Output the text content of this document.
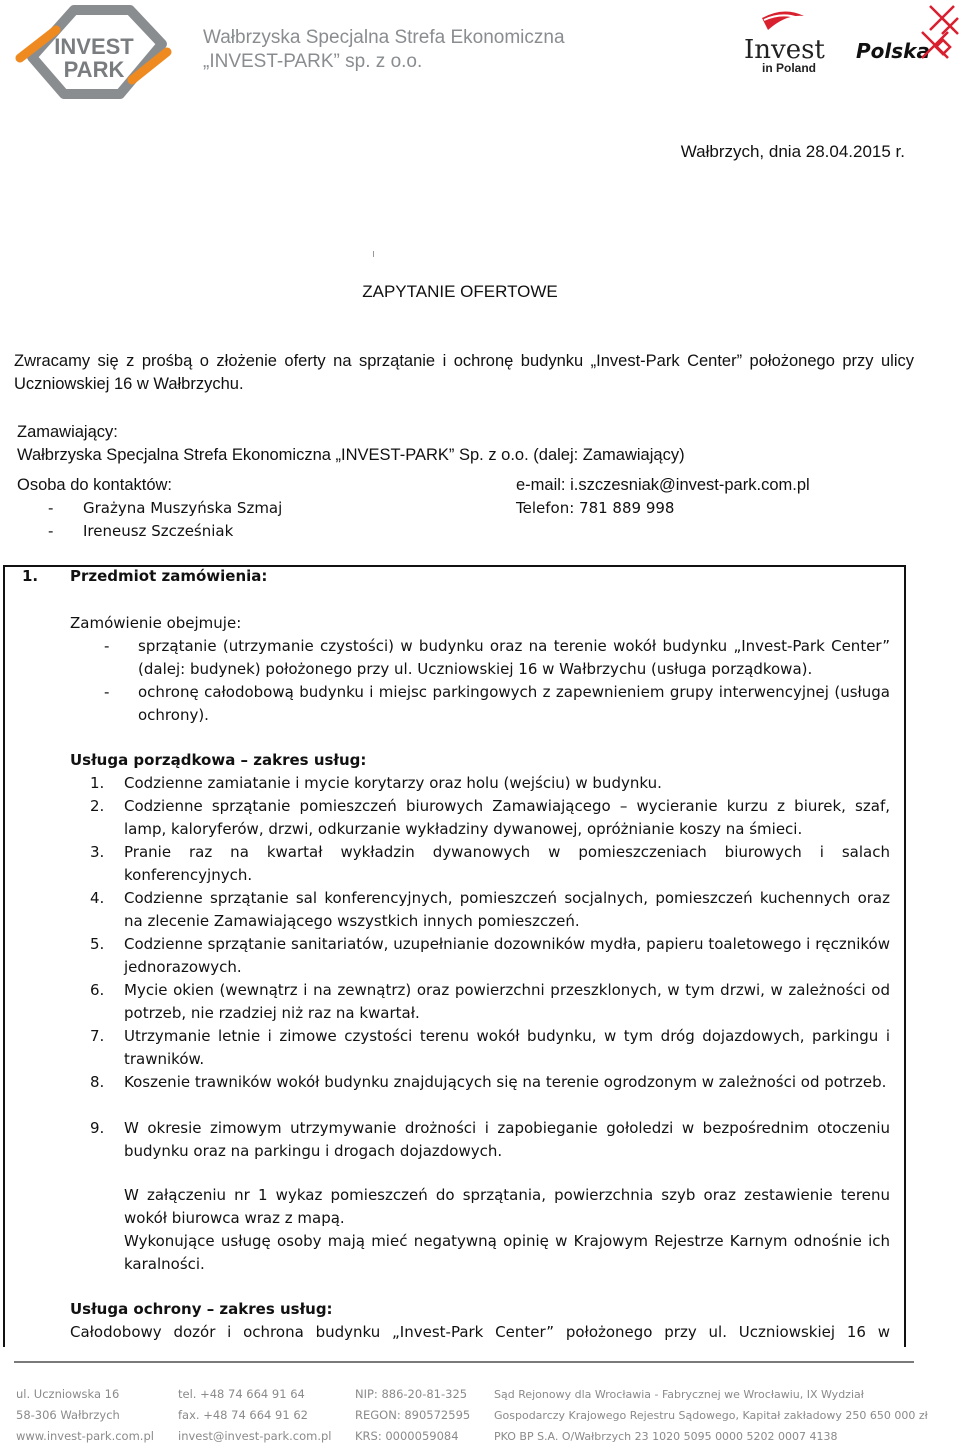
INVEST
PARK
Wałbrzyska Specjalna Strefa Ekonomiczna
„INVEST-PARK” sp. z o.o.	Invest
in Poland
Polska
Wałbrzych, dnia 28.04.2015 r.
ZAPYTANIE OFERTOWE
Zwracamy się z prośbą o złożenie oferty na sprzątanie i ochronę budynku „Invest-Park Center” położonego przy ulicy Uczniowskiej 16 w Wałbrzychu.
Zamawiający:
Wałbrzyska Specjalna Strefa Ekonomiczna „INVEST-PARK” Sp. z o.o. (dalej: Zamawiający)
Osoba do kontaktów:	e-mail: i.szczesniak@invest-park.com.pl
- Grażyna Muszyńska Szmaj	Telefon: 781 889 998
- Ireneusz Szcześniak
1. Przedmiot zamówienia:
Zamówienie obejmuje:
- sprzątanie (utrzymanie czystości) w budynku oraz na terenie wokół budynku „Invest-Park Center” (dalej: budynek) położonego przy ul. Uczniowskiej 16 w Wałbrzychu (usługa porządkowa).
- ochronę całodobową budynku i miejsc parkingowych z zapewnieniem grupy interwencyjnej (usługa ochrony).
Usługa porządkowa – zakres usług:
1. Codzienne zamiatanie i mycie korytarzy oraz holu (wejściu) w budynku.
2. Codzienne sprzątanie pomieszczeń biurowych Zamawiającego – wycieranie kurzu z biurek, szaf, lamp, kaloryferów, drzwi, odkurzanie wykładziny dywanowej, opróżnianie koszy na śmieci.
3. Pranie raz na kwartał wykładzin dywanowych w pomieszczeniach biurowych i salach konferencyjnych.
4. Codzienne sprzątanie sal konferencyjnych, pomieszczeń socjalnych, pomieszczeń kuchennych oraz na zlecenie Zamawiającego wszystkich innych pomieszczeń.
5. Codzienne sprzątanie sanitariatów, uzupełnianie dozowników mydła, papieru toaletowego i ręczników jednorazowych.
6. Mycie okien (wewnątrz i na zewnątrz) oraz powierzchni przeszklonych, w tym drzwi, w zależności od potrzeb, nie rzadziej niż raz na kwartał.
7. Utrzymanie letnie i zimowe czystości terenu wokół budynku, w tym dróg dojazdowych, parkingu i trawników.
8. Koszenie trawników wokół budynku znajdujących się na terenie ogrodzonym w zależności od potrzeb.
9. W okresie zimowym utrzymywanie drożności i zapobieganie gołoledzi w bezpośrednim otoczeniu budynku oraz na parkingu i drogach dojazdowych.
W załączeniu nr 1 wykaz pomieszczeń do sprzątania, powierzchnia szyb oraz zestawienie terenu wokół biurowca wraz z mapą.
Wykonujące usługę osoby mają mieć negatywną opinię w Krajowym Rejestrze Karnym odnośnie ich karalności.
Usługa ochrony – zakres usług:
Całodobowy dozór i ochrona budynku „Invest-Park Center” położonego przy ul. Uczniowskiej 16 w
ul. Uczniowska 16
58-306 Wałbrzych
www.invest-park.com.pl
tel. +48 74 664 91 64
fax. +48 74 664 91 62
invest@invest-park.com.pl
NIP: 886-20-81-325
REGON: 890572595
KRS: 0000059084
Sąd Rejonowy dla Wrocławia - Fabrycznej we Wrocławiu, IX Wydział
Gospodarczy Krajowego Rejestru Sądowego, Kapitał zakładowy 250 650 000 zł
PKO BP S.A. O/Wałbrzych 23 1020 5095 0000 5202 0007 4138
